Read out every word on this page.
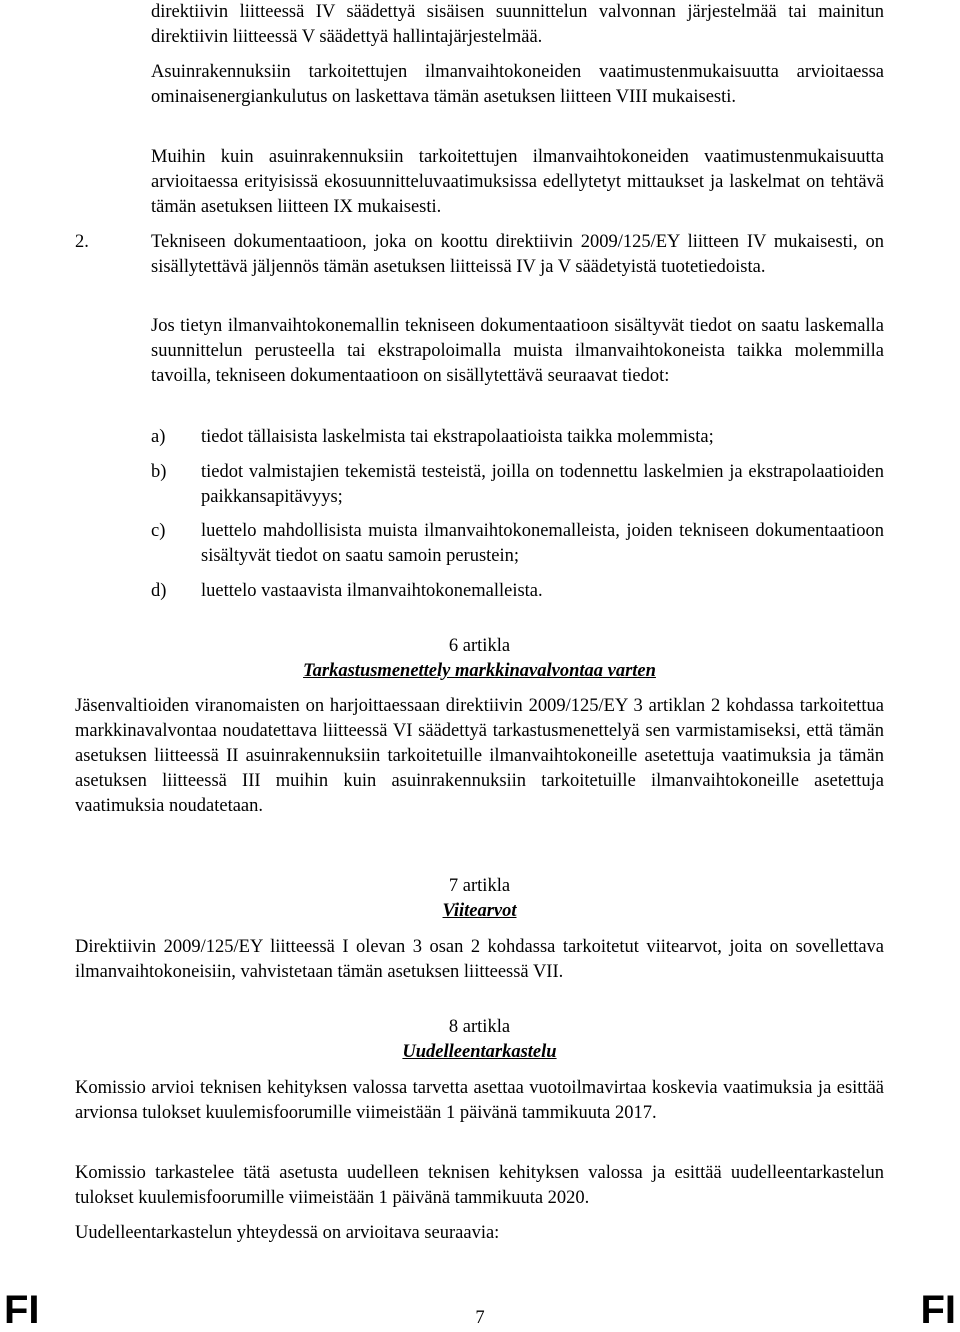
direktiivin liitteessä IV säädettyä sisäisen suunnittelun valvonnan järjestelmää tai mainitun direktiivin liitteessä V säädettyä hallintajärjestelmää.

Asuinrakennuksiin tarkoitettujen ilmanvaihtokoneiden vaatimustenmukaisuutta arvioitaessa ominaisenergiankulutus on laskettava tämän asetuksen liitteen VIII mukaisesti.

Muihin kuin asuinrakennuksiin tarkoitettujen ilmanvaihtokoneiden vaatimustenmukaisuutta arvioitaessa erityisissä ekosuunnitteluvaatimuksissa edellytetyt mittaukset ja laskelmat on tehtävä tämän asetuksen liitteen IX mukaisesti.

2.	Tekniseen dokumentaatioon, joka on koottu direktiivin 2009/125/EY liitteen IV mukaisesti, on sisällytettävä jäljennös tämän asetuksen liitteissä IV ja V säädetyistä tuotetiedoista.

Jos tietyn ilmanvaihtokonemallin tekniseen dokumentaatioon sisältyvät tiedot on saatu laskemalla suunnittelun perusteella tai ekstrapoloimalla muista ilmanvaihtokoneista taikka molemmilla tavoilla, tekniseen dokumentaatioon on sisällytettävä seuraavat tiedot:

a) tiedot tällaisista laskelmista tai ekstrapolaatioista taikka molemmista;
b) tiedot valmistajien tekemistä testeistä, joilla on todennettu laskelmien ja ekstrapolaatioiden paikkansapitävyys;
c) luettelo mahdollisista muista ilmanvaihtokonemalleista, joiden tekniseen dokumentaatioon sisältyvät tiedot on saatu samoin perustein;
d) luettelo vastaavista ilmanvaihtokonemalleista.
6 artikla
Tarkastusmenettely markkinavalvontaa varten

Jäsenvaltioiden viranomaisten on harjoittaessaan direktiivin 2009/125/EY 3 artiklan 2 kohdassa tarkoitettua markkinavalvontaa noudatettava liitteessä VI säädettyä tarkastusmenettelyä sen varmistamiseksi, että tämän asetuksen liitteessä II asuinrakennuksiin tarkoitetuille ilmanvaihtokoneille asetettuja vaatimuksia ja tämän asetuksen liitteessä III muihin kuin asuinrakennuksiin tarkoitetuille ilmanvaihtokoneille asetettuja vaatimuksia noudatetaan.

7 artikla
Viitearvot

Direktiivin 2009/125/EY liitteessä I olevan 3 osan 2 kohdassa tarkoitetut viitearvot, joita on sovellettava ilmanvaihtokoneisiin, vahvistetaan tämän asetuksen liitteessä VII.

8 artikla
Uudelleentarkastelu

Komissio arvioi teknisen kehityksen valossa tarvetta asettaa vuotoilmavirtaa koskevia vaatimuksia ja esittää arvionsa tulokset kuulemisfoorumille viimeistään 1 päivänä tammikuuta 2017.

Komissio tarkastelee tätä asetusta uudelleen teknisen kehityksen valossa ja esittää uudelleentarkastelun tulokset kuulemisfoorumille viimeistään 1 päivänä tammikuuta 2020.

Uudelleentarkastelun yhteydessä on arvioitava seuraavia:

FI	7	FI
